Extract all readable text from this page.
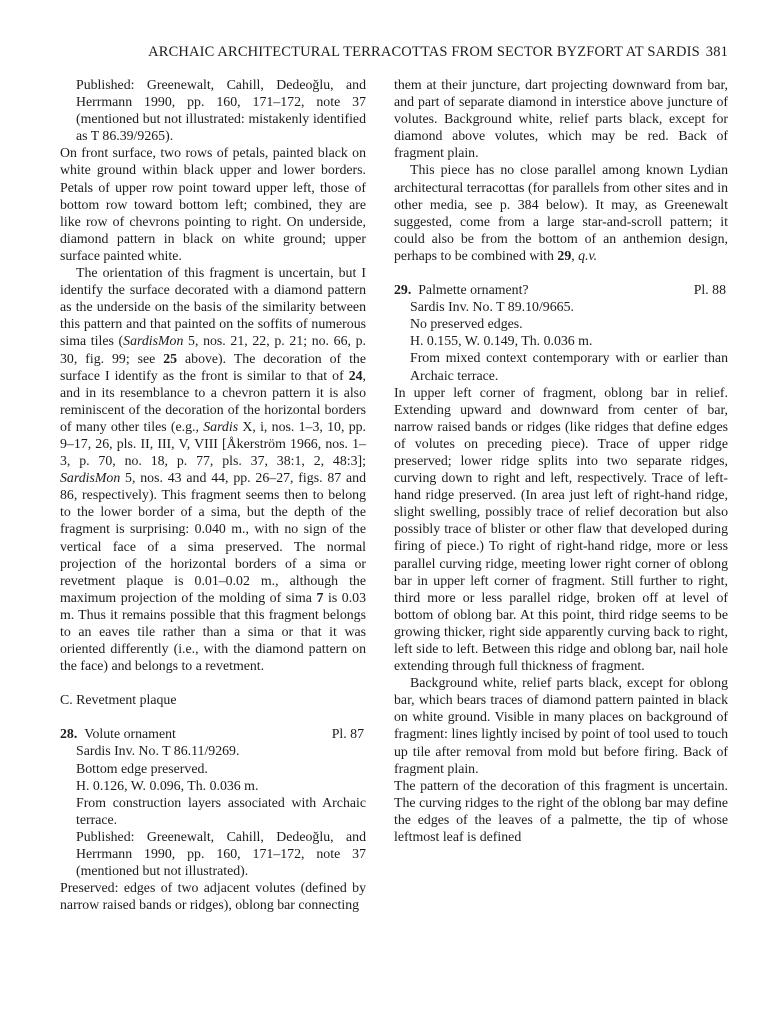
ARCHAIC ARCHITECTURAL TERRACOTTAS FROM SECTOR BYZFORT AT SARDIS 381

Published: Greenewalt, Cahill, Dedeoğlu, and Herrmann 1990, pp. 160, 171–172, note 37 (mentioned but not illustrated: mistakenly identified as T 86.39/9265).

On front surface, two rows of petals, painted black on white ground within black upper and lower borders. Petals of upper row point toward upper left, those of bottom row toward bottom left; combined, they are like row of chevrons pointing to right. On underside, diamond pattern in black on white ground; upper surface painted white.

The orientation of this fragment is uncertain, but I identify the surface decorated with a diamond pattern as the underside on the basis of the similarity between this pattern and that painted on the soffits of numerous sima tiles (SardisMon 5, nos. 21, 22, p. 21; no. 66, p. 30, fig. 99; see 25 above). The decoration of the surface I identify as the front is similar to that of 24, and in its resemblance to a chevron pattern it is also reminiscent of the decoration of the horizontal borders of many other tiles (e.g., Sardis X, i, nos. 1–3, 10, pp. 9–17, 26, pls. II, III, V, VIII [Åkerström 1966, nos. 1–3, p. 70, no. 18, p. 77, pls. 37, 38:1, 2, 48:3]; SardisMon 5, nos. 43 and 44, pp. 26–27, figs. 87 and 86, respectively). This fragment seems then to belong to the lower border of a sima, but the depth of the fragment is surprising: 0.040 m., with no sign of the vertical face of a sima preserved. The normal projection of the horizontal borders of a sima or revetment plaque is 0.01–0.02 m., although the maximum projection of the molding of sima 7 is 0.03 m. Thus it remains possible that this fragment belongs to an eaves tile rather than a sima or that it was oriented differently (i.e., with the diamond pattern on the face) and belongs to a revetment.

C. Revetment plaque

28. Volute ornament	Pl. 87

Sardis Inv. No. T 86.11/9269.

Bottom edge preserved.

H. 0.126, W. 0.096, Th. 0.036 m.

From construction layers associated with Archaic terrace.

Published: Greenewalt, Cahill, Dedeoğlu, and Herrmann 1990, pp. 160, 171–172, note 37 (mentioned but not illustrated).

Preserved: edges of two adjacent volutes (defined by narrow raised bands or ridges), oblong bar connecting

them at their juncture, dart projecting downward from bar, and part of separate diamond in interstice above juncture of volutes. Background white, relief parts black, except for diamond above volutes, which may be red. Back of fragment plain.

This piece has no close parallel among known Lydian architectural terracottas (for parallels from other sites and in other media, see p. 384 below). It may, as Greenewalt suggested, come from a large star-and-scroll pattern; it could also be from the bottom of an anthemion design, perhaps to be combined with 29, q.v.

29. Palmette ornament?	Pl. 88

Sardis Inv. No. T 89.10/9665.

No preserved edges.

H. 0.155, W. 0.149, Th. 0.036 m.

From mixed context contemporary with or earlier than Archaic terrace.

In upper left corner of fragment, oblong bar in relief. Extending upward and downward from center of bar, narrow raised bands or ridges (like ridges that define edges of volutes on preceding piece). Trace of upper ridge preserved; lower ridge splits into two separate ridges, curving down to right and left, respectively. Trace of left-hand ridge preserved. (In area just left of right-hand ridge, slight swelling, possibly trace of relief decoration but also possibly trace of blister or other flaw that developed during firing of piece.) To right of right-hand ridge, more or less parallel curving ridge, meeting lower right corner of oblong bar in upper left corner of fragment. Still further to right, third more or less parallel ridge, broken off at level of bottom of oblong bar. At this point, third ridge seems to be growing thicker, right side apparently curving back to right, left side to left. Between this ridge and oblong bar, nail hole extending through full thickness of fragment.

Background white, relief parts black, except for oblong bar, which bears traces of diamond pattern painted in black on white ground. Visible in many places on background of fragment: lines lightly incised by point of tool used to touch up tile after removal from mold but before firing. Back of fragment plain.

The pattern of the decoration of this fragment is uncertain. The curving ridges to the right of the oblong bar may define the edges of the leaves of a palmette, the tip of whose leftmost leaf is defined
